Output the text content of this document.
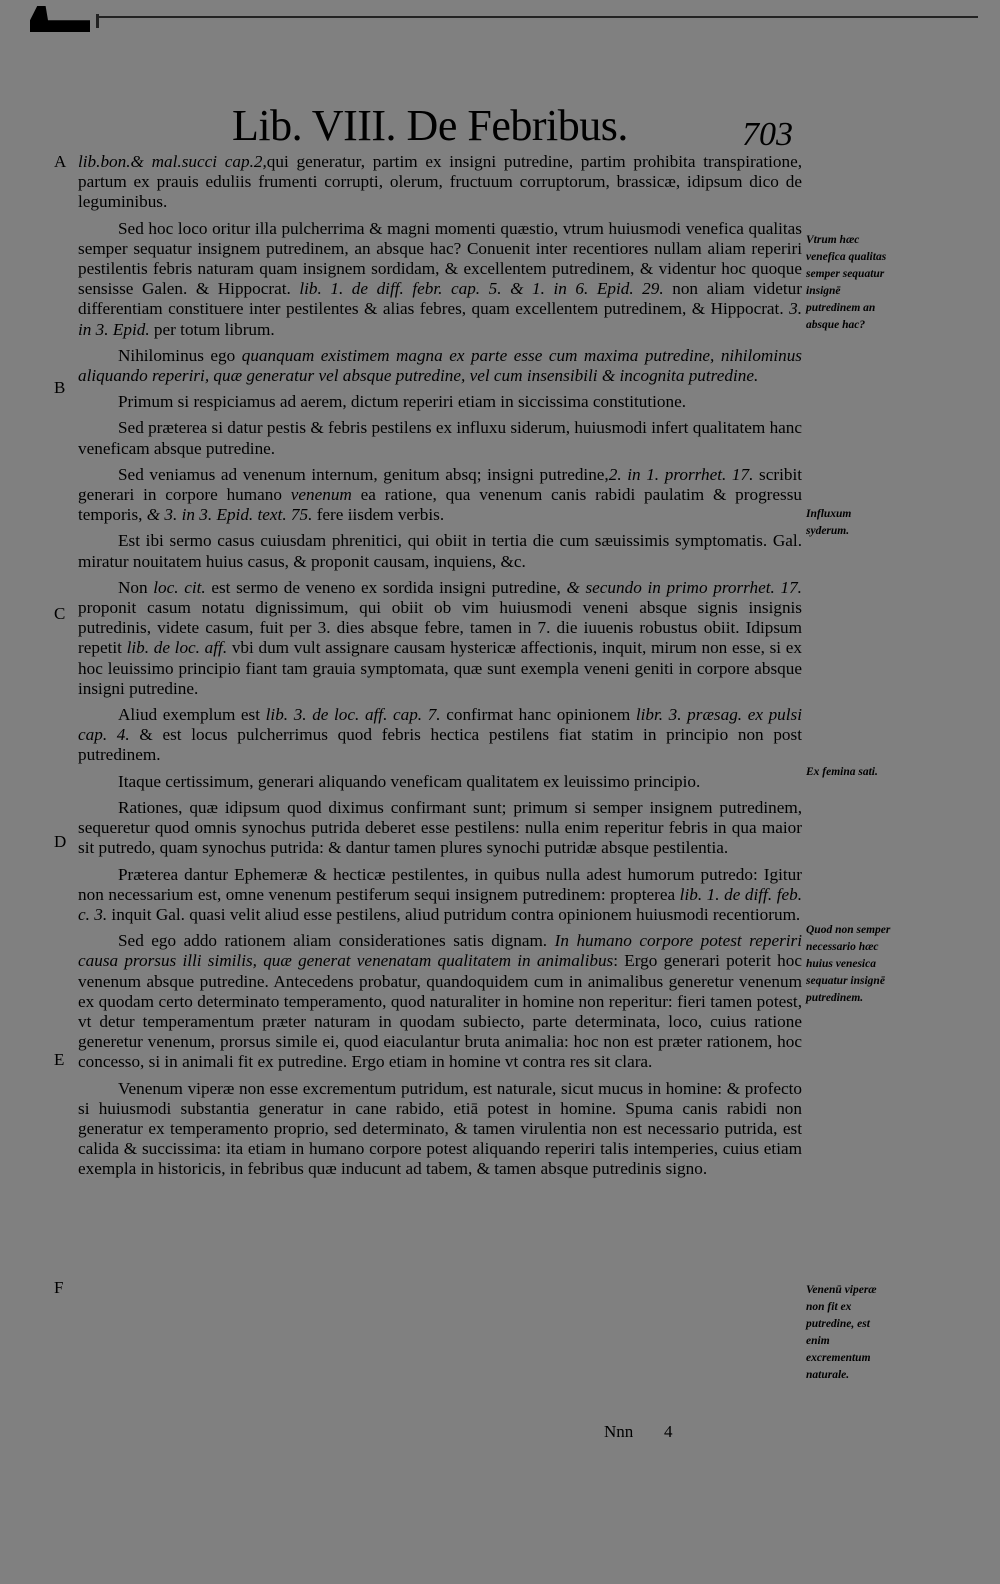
Lib. VIII. De Febribus.	703
A
B
C
D
E
F

lib.bon.& mal.succi cap.2,qui generatur, partim ex insigni putredine, partim prohibita transpiratione, partum ex prauis eduliis frumenti corrupti, olerum, fructuum corruptorum, brassicæ, idipsum dico de leguminibus.

Sed hoc loco oritur illa pulcherrima & magni momenti quæstio, vtrum huiusmodi venefica qualitas semper sequatur insignem putredinem, an absque hac? Conuenit inter recentiores nullam aliam reperiri pestilentis febris naturam quam insignem sordidam, & excellentem putredinem, & videntur hoc quoque sensisse Galen. & Hippocrat. lib. 1. de diff. febr. cap. 5. & 1. in 6. Epid. 29. non aliam videtur differentiam constituere inter pestilentes & alias febres, quam excellentem putredinem, & Hippocrat. 3. in 3. Epid. per totum librum.

Nihilominus ego quanquam existimem magna ex parte esse cum maxima putredine, nihilominus aliquando reperiri, quæ generatur vel absque putredine, vel cum insensibili & incognita putredine.

Primum si respiciamus ad aerem, dictum reperiri etiam in siccissima constitutione.

Sed præterea si datur pestis & febris pestilens ex influxu siderum, huiusmodi infert qualitatem hanc veneficam absque putredine.

Sed veniamus ad venenum internum, genitum absq; insigni putredine,2. in 1. prorrhet. 17. scribit generari in corpore humano venenum ea ratione, qua venenum canis rabidi paulatim & progressu temporis, & 3. in 3. Epid. text. 75. fere iisdem verbis.

Est ibi sermo casus cuiusdam phrenitici, qui obiit in tertia die cum sæuissimis symptomatis. Gal. miratur nouitatem huius casus, & proponit causam, inquiens, &c.

Non loc. cit. est sermo de veneno ex sordida insigni putredine, & secundo in primo prorrhet. 17. proponit casum notatu dignissimum, qui obiit ob vim huiusmodi veneni absque signis insignis putredinis, videte casum, fuit per 3. dies absque febre, tamen in 7. die iuuenis robustus obiit. Idipsum repetit lib. de loc. aff. vbi dum vult assignare causam hystericæ affectionis, inquit, mirum non esse, si ex hoc leuissimo principio fiant tam grauia symptomata, quæ sunt exempla veneni geniti in corpore absque insigni putredine.

Aliud exemplum est lib. 3. de loc. aff. cap. 7. confirmat hanc opinionem libr. 3. præsag. ex pulsi cap. 4. & est locus pulcherrimus quod febris hectica pestilens fiat statim in principio non post putredinem.

Itaque certissimum, generari aliquando veneficam qualitatem ex leuissimo principio.

Rationes, quæ idipsum quod diximus confirmant sunt; primum si semper insignem putredinem, sequeretur quod omnis synochus putrida deberet esse pestilens: nulla enim reperitur febris in qua maior sit putredo, quam synochus putrida: & dantur tamen plures synochi putridæ absque pestilentia.

Præterea dantur Ephemeræ & hecticæ pestilentes, in quibus nulla adest humorum putredo: Igitur non necessarium est, omne venenum pestiferum sequi insignem putredinem: propterea lib. 1. de diff. feb. c. 3. inquit Gal. quasi velit aliud esse pestilens, aliud putridum contra opinionem huiusmodi recentiorum.

Sed ego addo rationem aliam considerationes satis dignam. In humano corpore potest reperiri causa prorsus illi similis, quæ generat venenatam qualitatem in animalibus: Ergo generari poterit hoc venenum absque putredine. Antecedens probatur, quandoquidem cum in animalibus generetur venenum ex quodam certo determinato temperamento, quod naturaliter in homine non reperitur: fieri tamen potest, vt detur temperamentum præter naturam in quodam subiecto, parte determinata, loco, cuius ratione generetur venenum, prorsus simile ei, quod eiaculantur bruta animalia: hoc non est præter rationem, hoc concesso, si in animali fit ex putredine. Ergo etiam in homine vt contra res sit clara.

Venenum viperæ non esse excrementum putridum, est naturale, sicut mucus in homine: & profecto si huiusmodi substantia generatur in cane rabido, etiā potest in homine. Spuma canis rabidi non generatur ex temperamento proprio, sed determinato, & tamen virulentia non est necessario putrida, est calida & succissima: ita etiam in humano corpore potest aliquando reperiri talis intemperies, cuius etiam exempla in historicis, in febribus quæ inducunt ad tabem, & tamen absque putredinis signo.

Vtrum hæc venefica qualitas semper sequatur insignē putredinem an absque hac?
Influxum syderum.
Ex femina sati.
Quod non semper necessario hæc huius venesica sequatur insignē putredinem.
Venenū viperæ non fit ex putredine, est enim excrementum naturale.
Nnn 4
